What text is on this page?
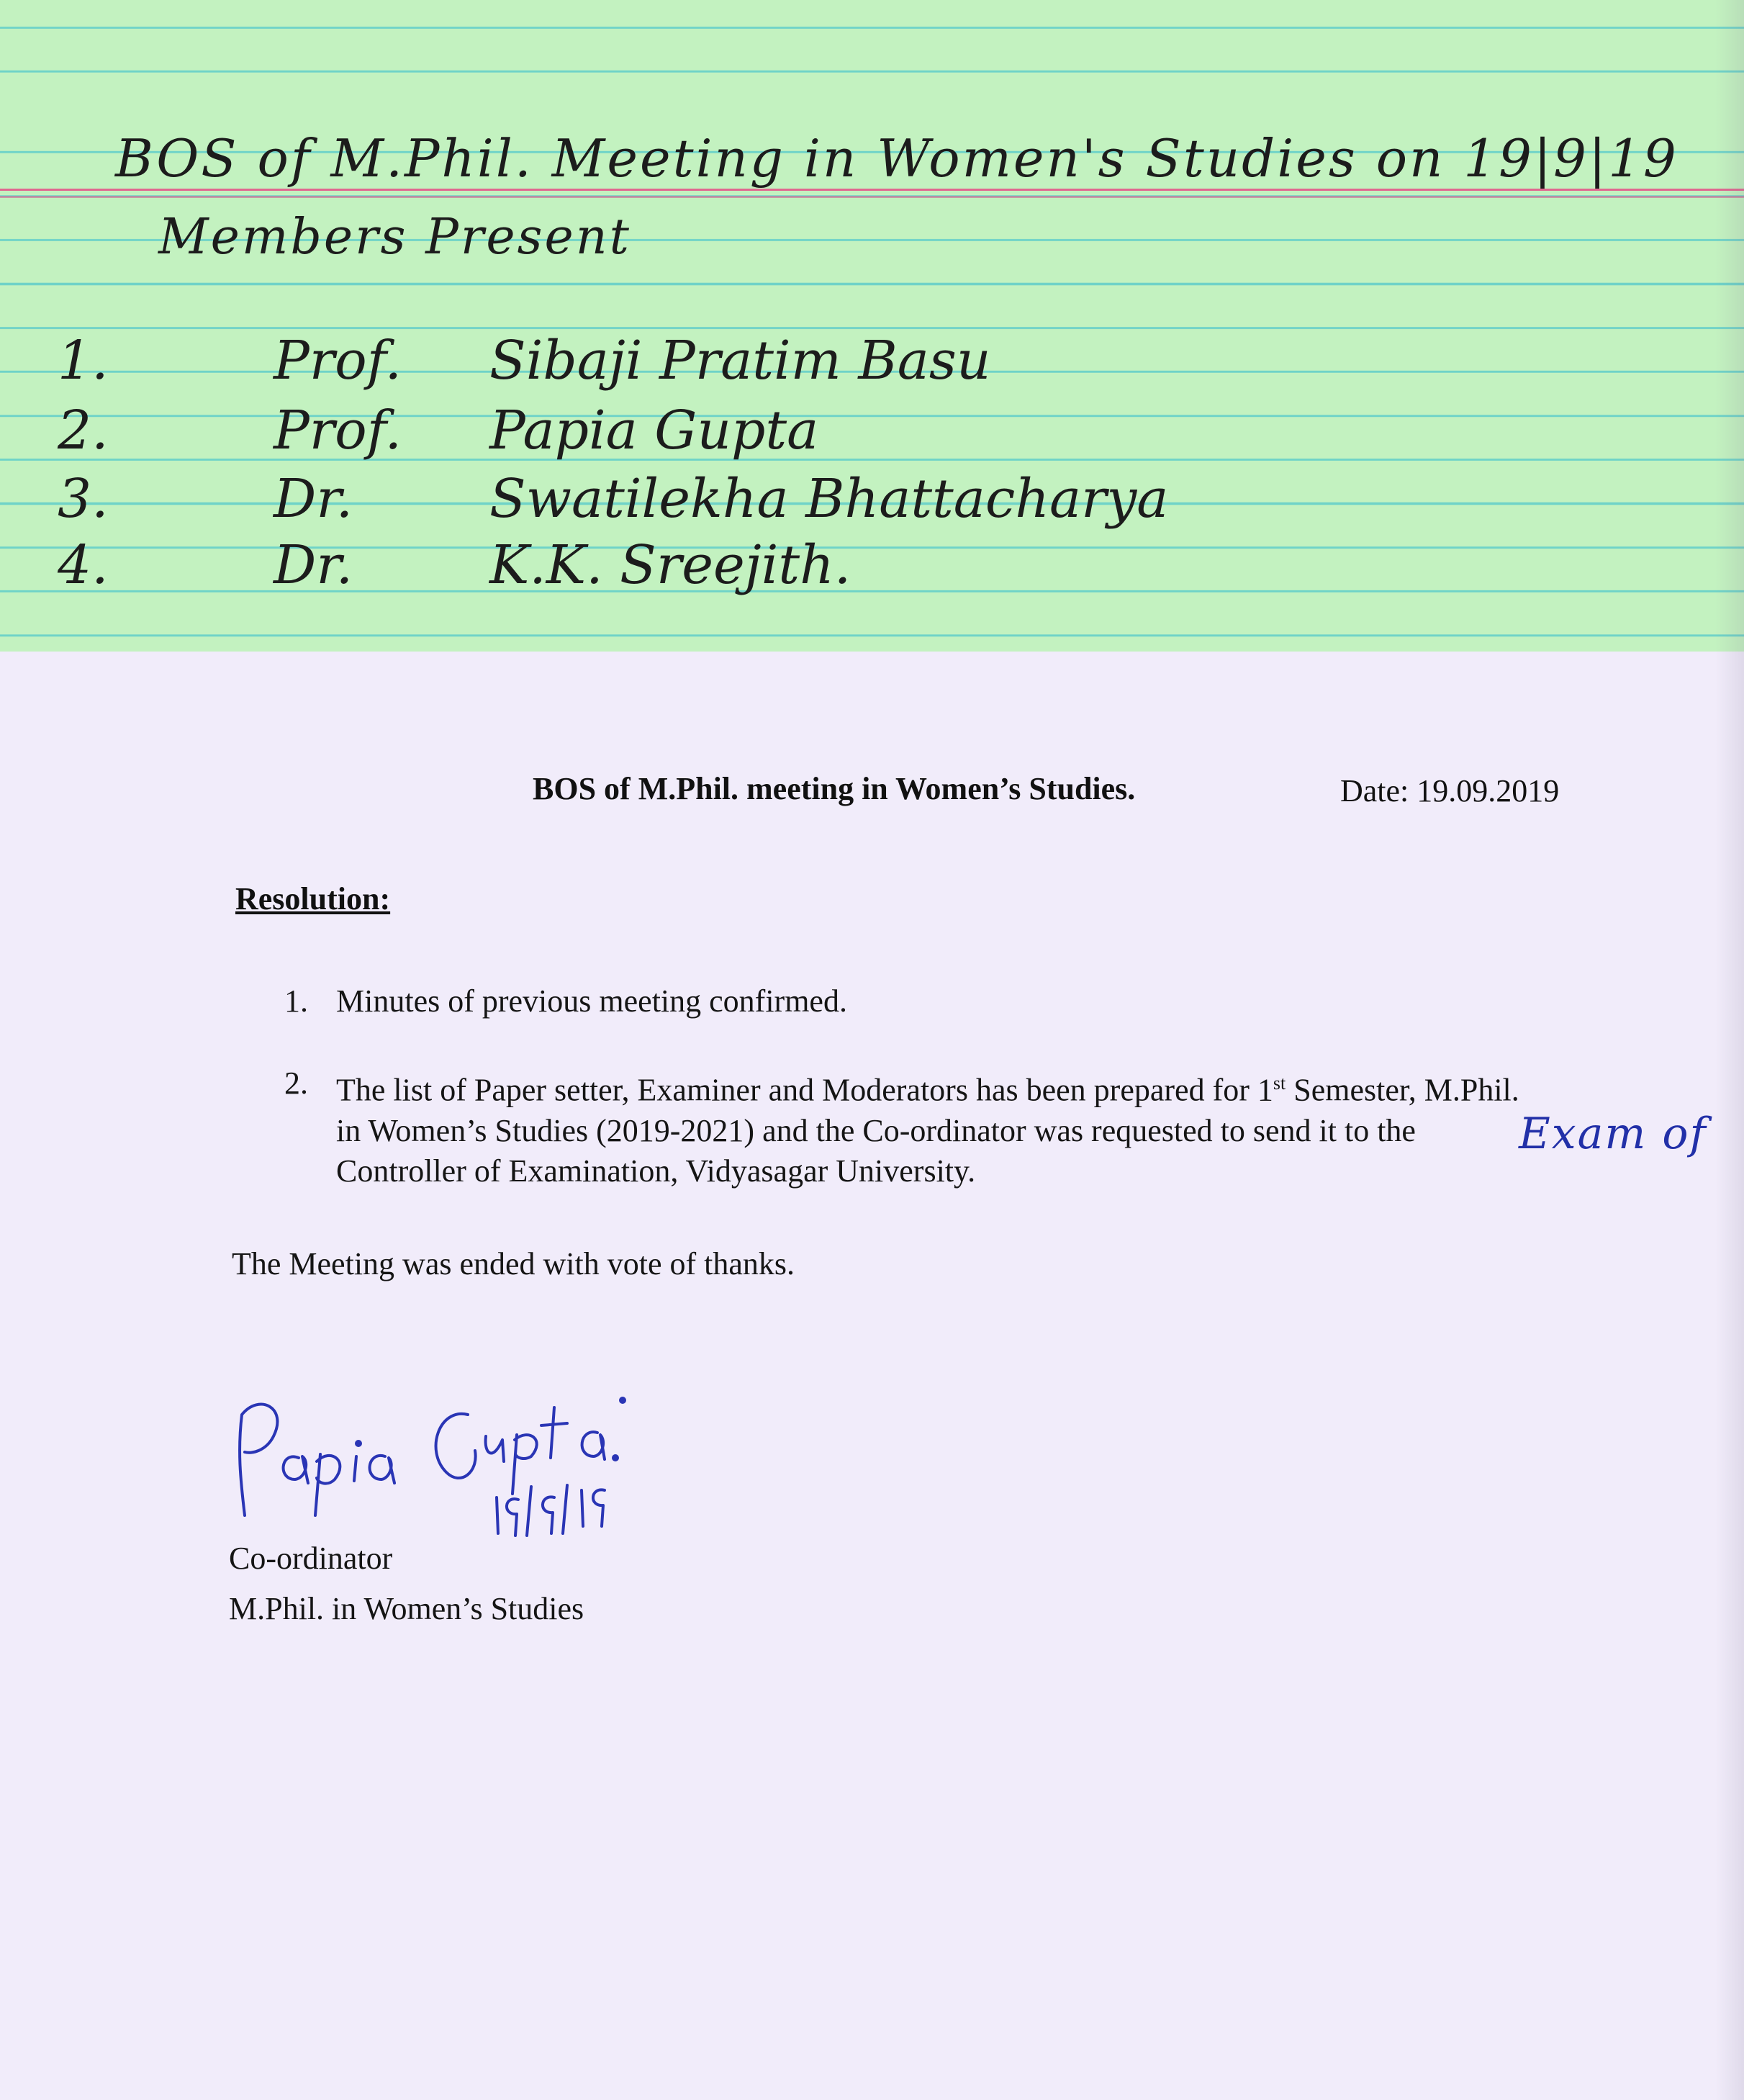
BOS of M.Phil. Meeting in Women's Studies on 19|9|19
Members Present
1.	Prof. Sibaji Pratim Basu
2.	Prof. Papia Gupta
3.	Dr.	Swatilekha Bhattacharya
4.	Dr.	K.K. Sreejith.
BOS of M.Phil. meeting in Women’s Studies.	Date: 19.09.2019
Resolution:
1. Minutes of previous meeting confirmed.
2. The list of Paper setter, Examiner and Moderators has been prepared for 1st Semester, M.Phil. in Women’s Studies (2019-2021) and the Co-ordinator was requested to send it to the Controller of Examination, Vidyasagar University.
The Meeting was ended with vote of thanks.
Co-ordinator
M.Phil. in Women’s Studies
Exam of
